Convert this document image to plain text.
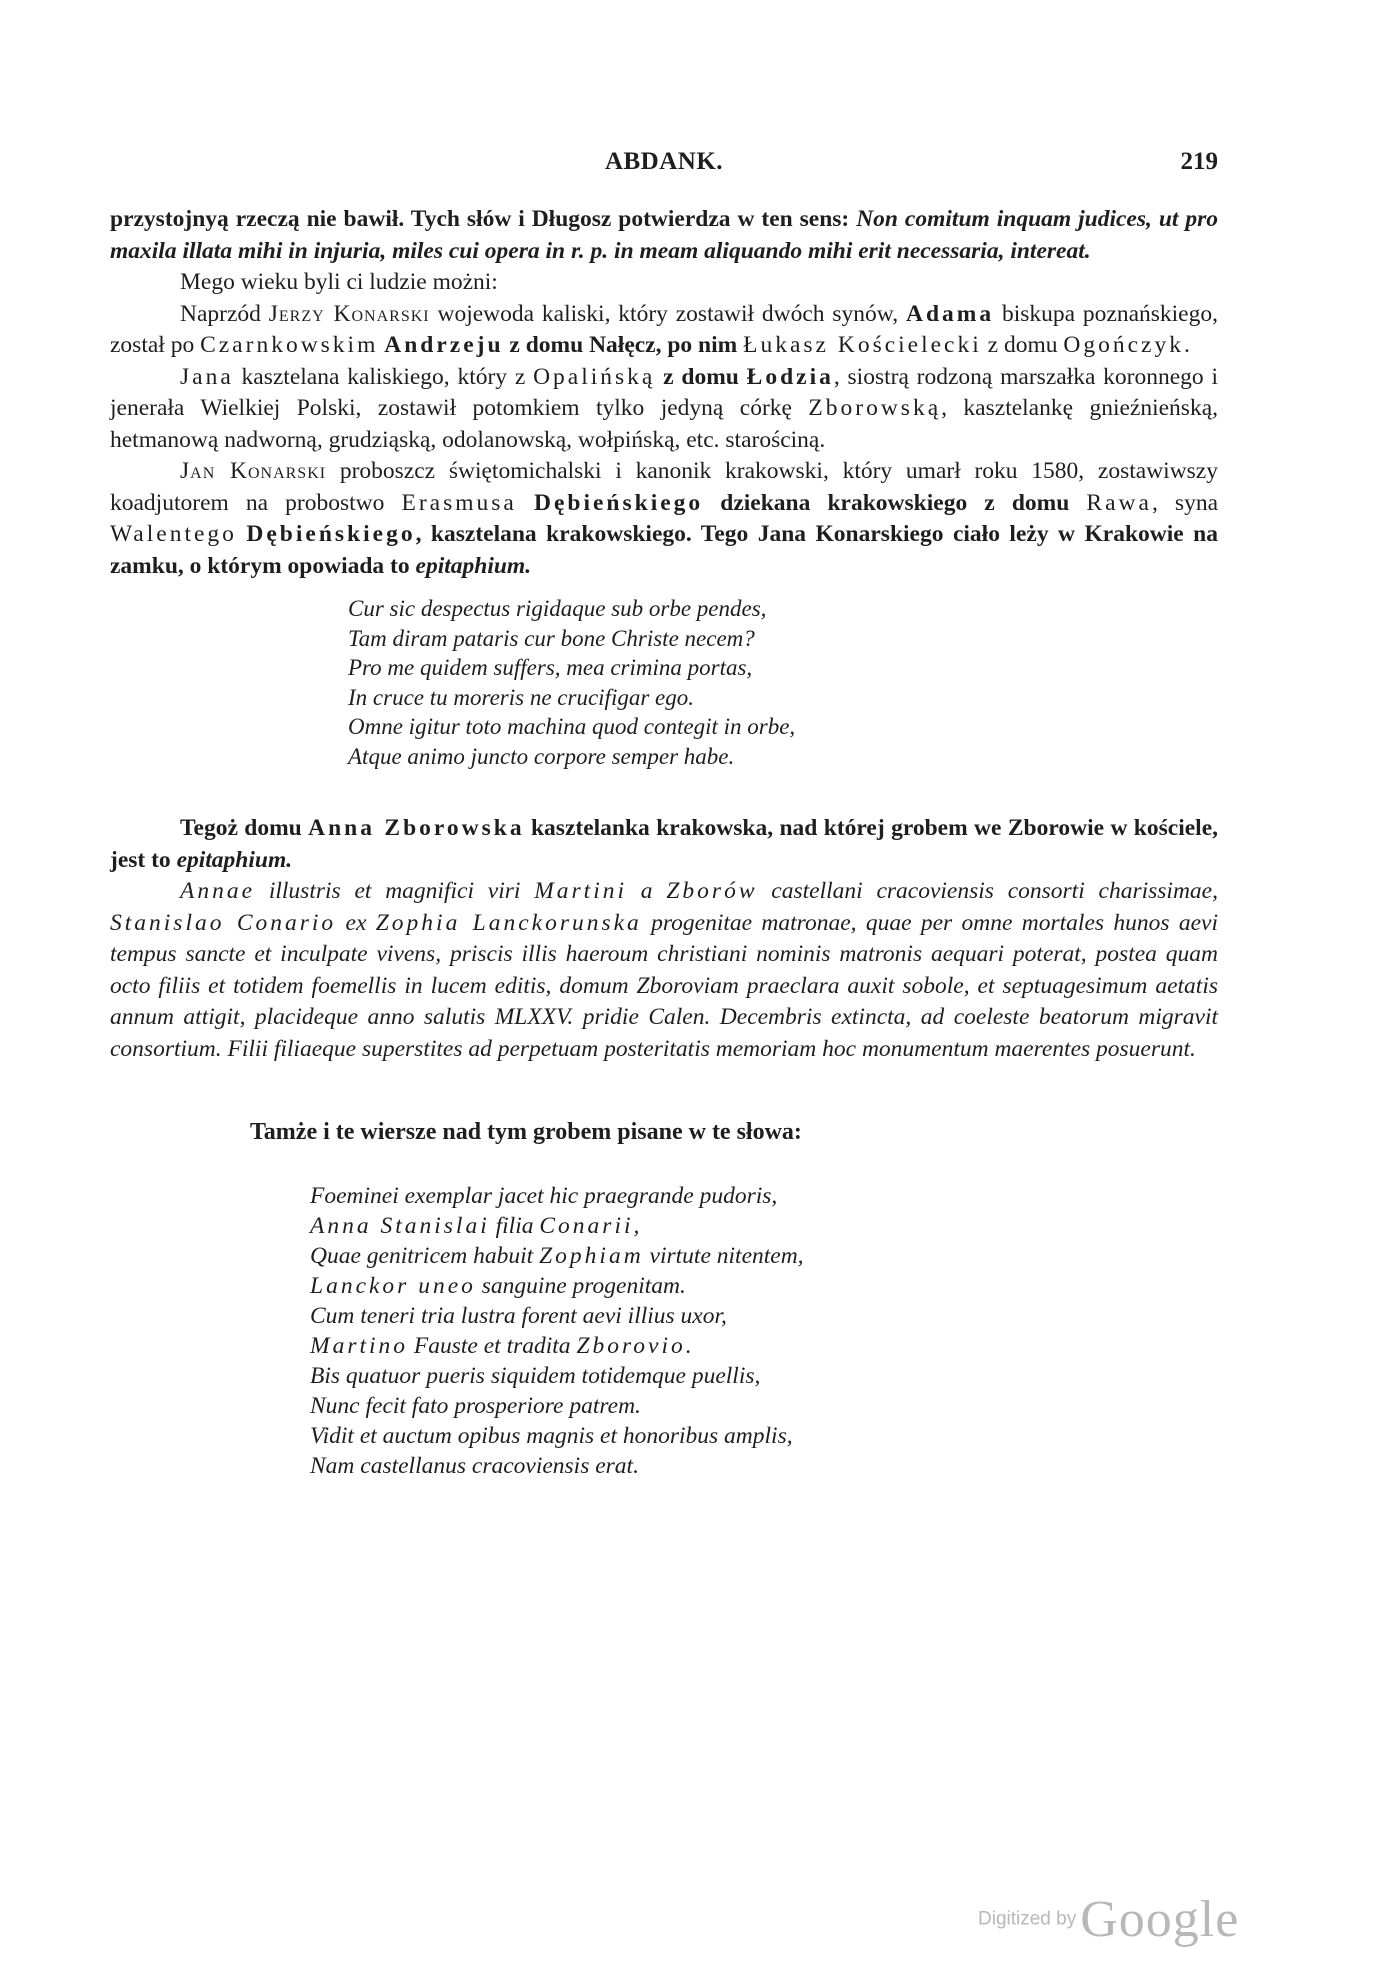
ABDANK.	219

przystojnyą rzeczą nie bawił. Tych słów i Długosz potwierdza w ten sens: Non comitum inquam judices, ut pro maxila illata mihi in injuria, miles cui opera in r. p. in meam aliquando mihi erit necessaria, intereat.

Mego wieku byli ci ludzie możni:

Naprzód Jerzy Konarski wojewoda kaliski, który zostawił dwóch synów, Adama biskupa poznańskiego, został po Czarnkowskim Andrzeju z domu Nałęcz, po nim Łukasz Kościelecki z domu Ogończyk.

Jana kasztelana kaliskiego, który z Opalińską z domu Łodzia, siostrą rodzoną marszałka koronnego i jenerała Wielkiej Polski, zostawił potomkiem tylko jedyną córkę Zborowską, kasztelankę gnieźnieńską, hetmanową nadworną, grudziąską, odolanowską, wołpińską, etc. starościną.

Jan Konarski proboszcz świętomichalski i kanonik krakowski, który umarł roku 1580, zostawiwszy koadjutorem na probostwo Erasmusa Dębieńskiego dziekana krakowskiego z domu Rawa, syna Walentego Dębieńskiego, kasztelana krakowskiego. Tego Jana Konarskiego ciało leży w Krakowie na zamku, o którym opowiada to epitaphium.

Cur sic despectus rigidaque sub orbe pendes,
Tam diram pataris cur bone Christe necem?
Pro me quidem suffers, mea crimina portas,
In cruce tu moreris ne crucifigar ego.
Omne igitur toto machina quod contegit in orbe,
Atque animo juncto corpore semper habe.

Tegoż domu Anna Zborowska kasztelanka krakowska, nad której grobem we Zborowie w kościele, jest to epitaphium.

Annae illustris et magnifici viri Martini a Zborów castellani cracoviensis consorti charissimae, Stanislao Conario ex Zophia Lanckorunska progenitae matronae, quae per omne mortales hunos aevi tempus sancte et inculpate vivens, priscis illis haeroum christiani nominis matronis aequari poterat, postea quam octo filiis et totidem foemellis in lucem editis, domum Zboroviam praeclara auxit sobole, et septuagesimum aetatis annum attigit, placideque anno salutis MLXXV. pridie Calen. Decembris extincta, ad coeleste beatorum migravit consortium. Filii filiaeque superstites ad perpetuam posteritatis memoriam hoc monumentum maerentes posuerunt.

Tamże i te wiersze nad tym grobem pisane w te słowa:
Foeminei exemplar jacet hic praegrande pudoris,
Anna Stanislai filia Conarii,
Quae genitricem habuit Zophiam virtute nitentem,
Lanckor uneo sanguine progenitam.
Cum teneri tria lustra forent aevi illius uxor,
Martino Fauste et tradita Zborovio.
Bis quatuor pueris siquidem totidemque puellis,
Nunc fecit fato prosperiore patrem.
Vidit et auctum opibus magnis et honoribus amplis,
Nam castellanus cracoviensis erat.
Digitized by Google
